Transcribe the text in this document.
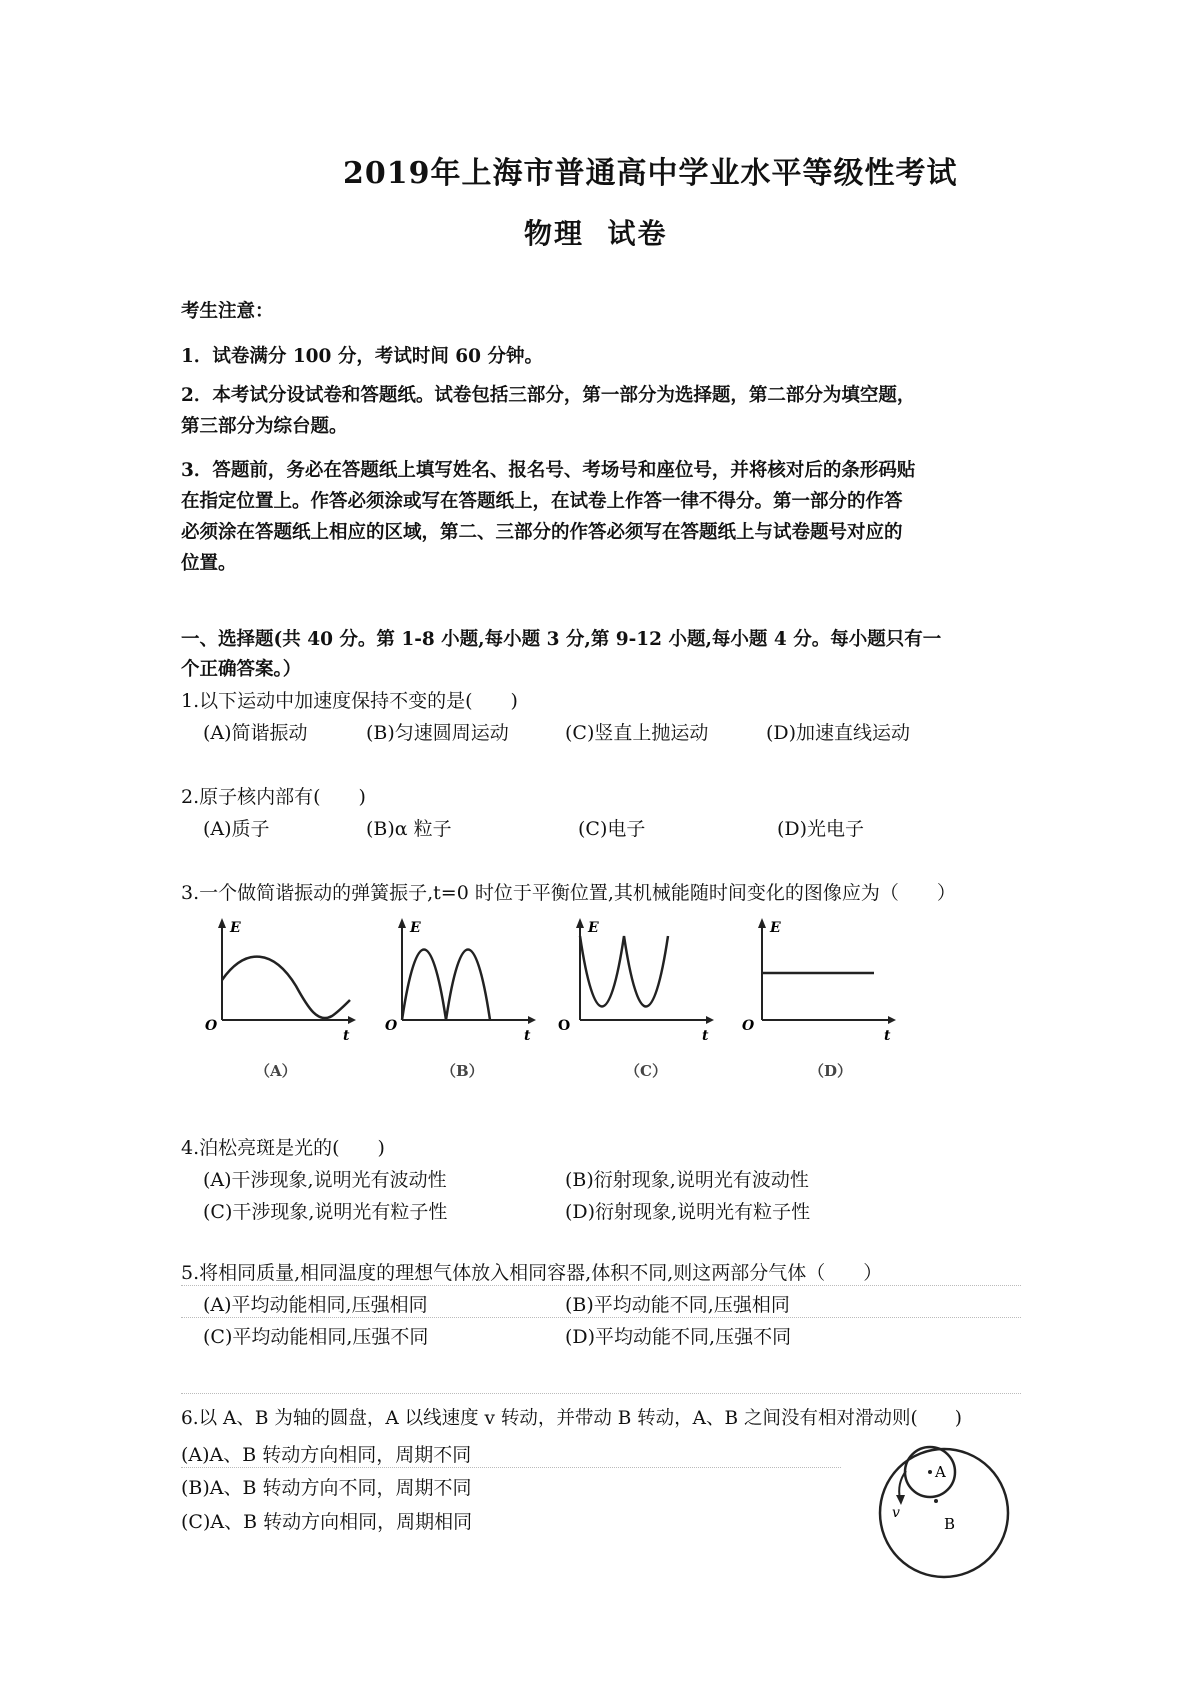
2019年上海市普通高中学业水平等级性考试
物理  试卷
考生注意：
1．试卷满分 100 分，考试时间 60 分钟。
2．本考试分设试卷和答题纸。试卷包括三部分，第一部分为选择题，第二部分为填空题，
第三部分为综台题。
3．答题前，务必在答题纸上填写姓名、报名号、考场号和座位号，并将核对后的条形码贴
在指定位置上。作答必须涂或写在答题纸上，在试卷上作答一律不得分。第一部分的作答
必须涂在答题纸上相应的区域，第二、三部分的作答必须写在答题纸上与试卷题号对应的
位置。
一、选择题(共 40 分。第 1-8 小题,每小题 3 分,第 9-12 小题,每小题 4 分。每小题只有一
个正确答案。）
1.以下运动中加速度保持不变的是(　　)
(A)简谐振动	(B)匀速圆周运动	(C)竖直上抛运动	(D)加速直线运动
2.原子核内部有(　　)
(A)质子	(B)α 粒子	(C)电子	(D)光电子
3.一个做简谐振动的弹簧振子,t=0 时位于平衡位置,其机械能随时间变化的图像应为（　　）
E
t
O
（A）
E
t
O
（B）
E
t
O
（C）
E
t
O
（D）
4.泊松亮斑是光的(　　)
(A)干涉现象,说明光有波动性	(B)衍射现象,说明光有波动性
(C)干涉现象,说明光有粒子性	(D)衍射现象,说明光有粒子性
5.将相同质量,相同温度的理想气体放入相同容器,体积不同,则这两部分气体（　　）
(A)平均动能相同,压强相同	(B)平均动能不同,压强相同
(C)平均动能相同,压强不同	(D)平均动能不同,压强不同
6.以 A、B 为轴的圆盘，A 以线速度 v 转动，并带动 B 转动，A、B 之间没有相对滑动则(　　)
(A)A、B 转动方向相同，周期不同
(B)A、B 转动方向不同，周期不同
(C)A、B 转动方向相同，周期相同
A
B
v
